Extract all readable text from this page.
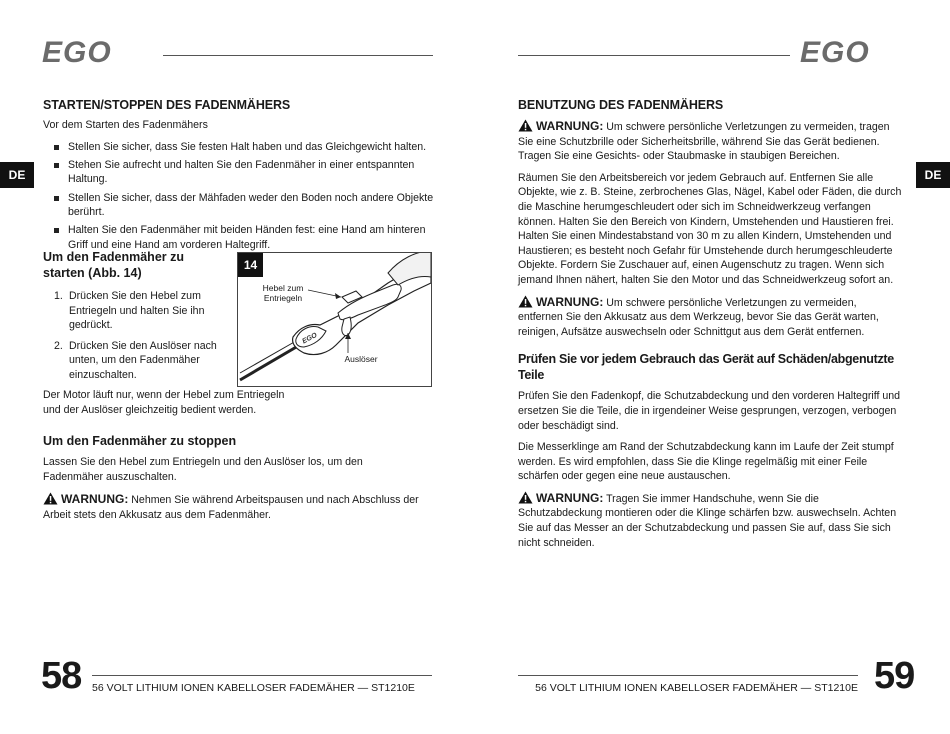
EGO
DE
STARTEN/STOPPEN DES FADENMÄHERS

Vor dem Starten des Fadenmähers

Stellen Sie sicher, dass Sie festen Halt haben und das Gleichgewicht halten.
Stehen Sie aufrecht und halten Sie den Fadenmäher in einer entspannten Haltung.
Stellen Sie sicher, dass der Mähfaden weder den Boden noch andere Objekte berührt.
Halten Sie den Fadenmäher mit beiden Händen fest: eine Hand am hinteren Griff und eine Hand am vorderen Haltegriff.
Um den Fadenmäher zu starten (Abb. 14)
1. Drücken Sie den Hebel zum Entriegeln und halten Sie ihn gedrückt.
2. Drücken Sie den Auslöser nach unten, um den Fadenmäher einzuschalten.
14
EGO
Hebel zum Entriegeln
Auslöser

Der Motor läuft nur, wenn der Hebel zum Entriegeln und der Auslöser gleichzeitig bedient werden.

Um den Fadenmäher zu stoppen

Lassen Sie den Hebel zum Entriegeln und den Auslöser los, um den Fadenmäher auszuschalten.

WARNUNG: Nehmen Sie während Arbeitspausen und nach Abschluss der Arbeit stets den Akkusatz aus dem Fadenmäher.

58 56 VOLT LITHIUM IONEN KABELLOSER FADEMÄHER — ST1210E
EGO
DE
BENUTZUNG DES FADENMÄHERS

WARNUNG: Um schwere persönliche Verletzungen zu vermeiden, tragen Sie eine Schutzbrille oder Sicherheitsbrille, während Sie das Gerät bedienen. Tragen Sie eine Gesichts- oder Staubmaske in staubigen Bereichen.

Räumen Sie den Arbeitsbereich vor jedem Gebrauch auf. Entfernen Sie alle Objekte, wie z. B. Steine, zerbrochenes Glas, Nägel, Kabel oder Fäden, die durch die Maschine herumgeschleudert oder sich im Schneidwerkzeug verfangen können. Halten Sie den Bereich von Kindern, Umstehenden und Haustieren frei. Halten Sie einen Mindestabstand von 30 m zu allen Kindern, Umstehenden und Haustieren; es besteht noch Gefahr für Umstehende durch herumgeschleuderte Objekte. Fordern Sie Zuschauer auf, einen Augenschutz zu tragen. Wenn sich jemand Ihnen nähert, halten Sie den Motor und das Schneidwerkzeug sofort an.

WARNUNG: Um schwere persönliche Verletzungen zu vermeiden, entfernen Sie den Akkusatz aus dem Werkzeug, bevor Sie das Gerät warten, reinigen, Aufsätze auswechseln oder Schnittgut aus dem Gerät entfernen.

Prüfen Sie vor jedem Gebrauch das Gerät auf Schäden/abgenutzte Teile

Prüfen Sie den Fadenkopf, die Schutzabdeckung und den vorderen Haltegriff und ersetzen Sie die Teile, die in irgendeiner Weise gesprungen, verzogen, verbogen oder beschädigt sind.

Die Messerklinge am Rand der Schutzabdeckung kann im Laufe der Zeit stumpf werden. Es wird empfohlen, dass Sie die Klinge regelmäßig mit einer Feile schärfen oder gegen eine neue austauschen.

WARNUNG: Tragen Sie immer Handschuhe, wenn Sie die Schutzabdeckung montieren oder die Klinge schärfen bzw. auswechseln. Achten Sie auf das Messer an der Schutzabdeckung und passen Sie auf, dass Sie sich nicht schneiden.

56 VOLT LITHIUM IONEN KABELLOSER FADEMÄHER — ST1210E 59
